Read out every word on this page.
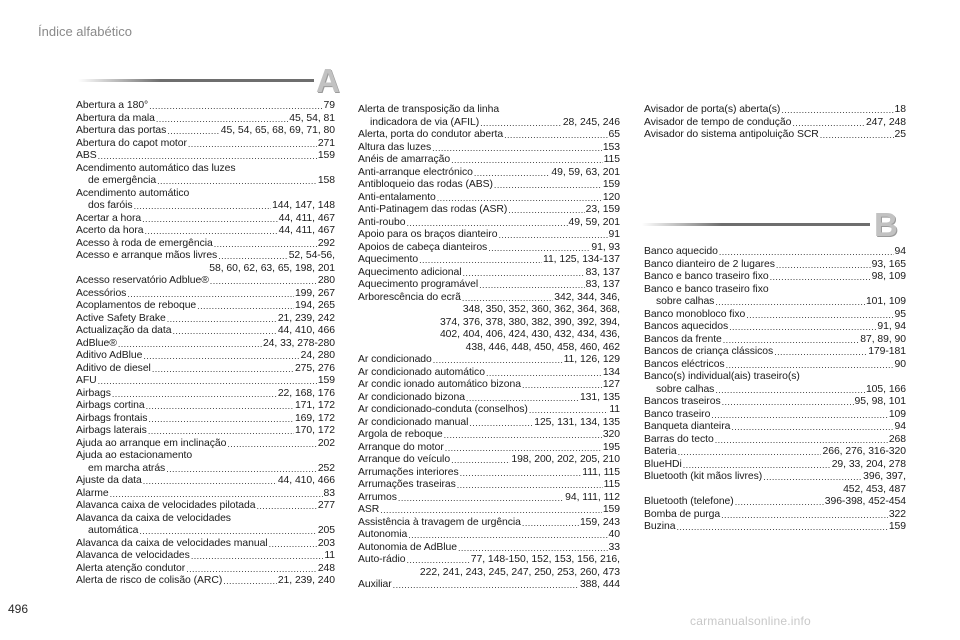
Índice alfabético
A
B
Abertura a 180° .....	79
Abertura da mala .....	45, 54, 81
Abertura das portas .....	45, 54, 65, 68, 69, 71, 80
Abertura do capot motor .....	271
ABS .....	159
Acendimento automático das luzes
de emergência .....	158
Acendimento automático
dos faróis .....	144, 147, 148
Acertar a hora .....	44, 411, 467
Acerto da hora .....	44, 411, 467
Acesso à roda de emergência .....	292
Acesso e arranque mãos livres .....	52, 54-56,
58, 60, 62, 63, 65, 198, 201
Acesso reservatório Adblue® .....	280
Acessórios .....	199, 267
Acoplamentos de reboque .....	194, 265
Active Safety Brake .....	21, 239, 242
Actualização da data .....	44, 410, 466
AdBlue® .....	24, 33, 278-280
Aditivo AdBlue .....	24, 280
Aditivo de diesel .....	275, 276
AFU .....	159
Airbags .....	22, 168, 176
Airbags cortina .....	171, 172
Airbags frontais .....	169, 172
Airbags laterais .....	170, 172
Ajuda ao arranque em inclinação .....	202
Ajuda ao estacionamento
em marcha atrás .....	252
Ajuste da data .....	44, 410, 466
Alarme .....	83
Alavanca caixa de velocidades pilotada .....	277
Alavanca da caixa de velocidades
automática .....	205
Alavanca da caixa de velocidades manual .....	203
Alavanca de velocidades .....	11
Alerta atenção condutor .....	248
Alerta de risco de colisão (ARC) .....	21, 239, 240
Alerta de transposição da linha
indicadora de via (AFIL) .....	28, 245, 246
Alerta, porta do condutor aberta .....	65
Altura das luzes .....	153
Anéis de amarração .....	115
Anti-arranque electrónico .....	49, 59, 63, 201
Antibloqueio das rodas (ABS) .....	159
Anti-entalamento .....	120
Anti-Patinagem das rodas (ASR) .....	23, 159
Anti-roubo .....	49, 59, 201
Apoio para os braços dianteiro .....	91
Apoios de cabeça dianteiros .....	91, 93
Aquecimento .....	11, 125, 134-137
Aquecimento adicional .....	83, 137
Aquecimento programável .....	83, 137
Arborescência do ecrã .....	342, 344, 346,
348, 350, 352, 360, 362, 364, 368,
374, 376, 378, 380, 382, 390, 392, 394,
402, 404, 406, 424, 430, 432, 434, 436,
438, 446, 448, 450, 458, 460, 462
Ar condicionado .....	11, 126, 129
Ar condicionado automático .....	134
Ar condic ionado automático bizona .....	127
Ar condicionado bizona .....	131, 135
Ar condicionado-conduta (conselhos) .....	11
Ar condicionado manual .....	125, 131, 134, 135
Argola de reboque .....	320
Arranque do motor .....	195
Arranque do veículo .....	198, 200, 202, 205, 210
Arrumações interiores .....	111, 115
Arrumações traseiras .....	115
Arrumos .....	94, 111, 112
ASR .....	159
Assistência à travagem de urgência .....	159, 243
Autonomia .....	40
Autonomia de AdBlue .....	33
Auto-rádio .....	77, 148-150, 152, 153, 156, 216,
222, 241, 243, 245, 247, 250, 253, 260, 473
Auxiliar .....	388, 444
Avisador de porta(s) aberta(s) .....	18
Avisador de tempo de condução .....	247, 248
Avisador do sistema antipoluição SCR .....	25
Banco aquecido .....	94
Banco dianteiro de 2 lugares .....	93, 165
Banco e banco traseiro fixo .....	98, 109
Banco e banco traseiro fixo
sobre calhas .....	101, 109
Banco monobloco fixo .....	95
Bancos aquecidos .....	91, 94
Bancos da frente .....	87, 89, 90
Bancos de criança clássicos .....	179-181
Bancos eléctricos .....	90
Banco(s) individual(ais) traseiro(s)
sobre calhas .....	105, 166
Bancos traseiros .....	95, 98, 101
Banco traseiro .....	109
Banqueta dianteira .....	94
Barras do tecto .....	268
Bateria .....	266, 276, 316-320
BlueHDi .....	29, 33, 204, 278
Bluetooth (kit mãos livres) .....	396, 397,
452, 453, 487
Bluetooth (telefone) .....	396-398, 452-454
Bomba de purga .....	322
Buzina .....	159
496
carmanualsonline.info
